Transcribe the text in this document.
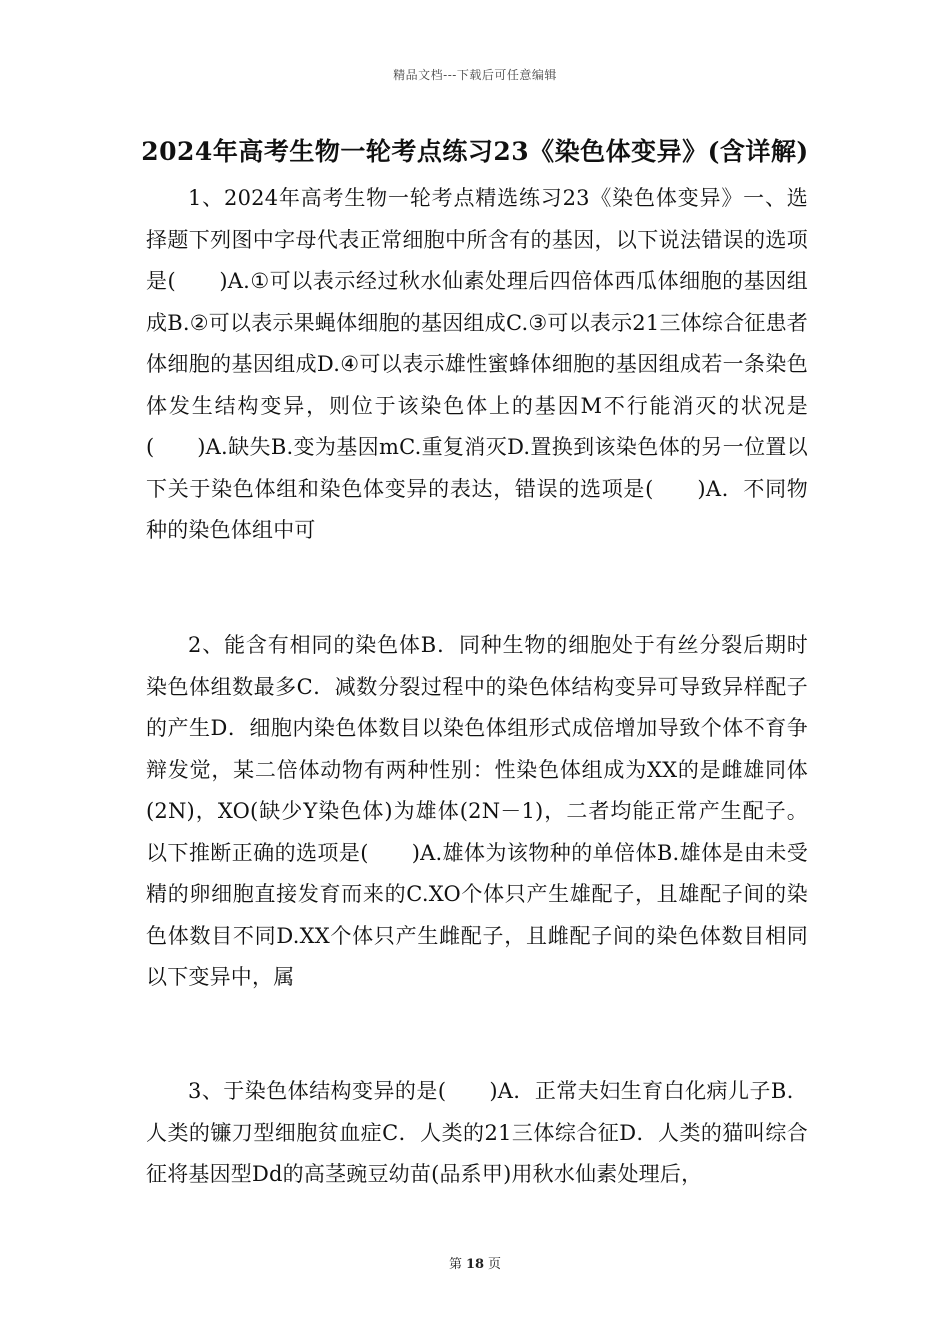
精品文档---下载后可任意编辑
2024年高考生物一轮考点练习23《染色体变异》(含详解)
1、2024年高考生物一轮考点精选练习23《染色体变异》一、选择题下列图中字母代表正常细胞中所含有的基因，以下说法错误的选项是(　　)A.①可以表示经过秋水仙素处理后四倍体西瓜体细胞的基因组成B.②可以表示果蝇体细胞的基因组成C.③可以表示21三体综合征患者体细胞的基因组成D.④可以表示雄性蜜蜂体细胞的基因组成若一条染色体发生结构变异，则位于该染色体上的基因M不行能消灭的状况是(　　)A.缺失B.变为基因mC.重复消灭D.置换到该染色体的另一位置以下关于染色体组和染色体变异的表达，错误的选项是(　　)A．不同物种的染色体组中可
2、能含有相同的染色体B．同种生物的细胞处于有丝分裂后期时染色体组数最多C．减数分裂过程中的染色体结构变异可导致异样配子的产生D．细胞内染色体数目以染色体组形式成倍增加导致个体不育争辩发觉，某二倍体动物有两种性别：性染色体组成为XX的是雌雄同体(2N)，XO(缺少Y染色体)为雄体(2N－1)，二者均能正常产生配子。以下推断正确的选项是(　　)A.雄体为该物种的单倍体B.雄体是由未受精的卵细胞直接发育而来的C.XO个体只产生雄配子，且雄配子间的染色体数目不同D.XX个体只产生雌配子，且雌配子间的染色体数目相同以下变异中，属
3、于染色体结构变异的是(　　)A．正常夫妇生育白化病儿子B．人类的镰刀型细胞贫血症C．人类的21三体综合征D．人类的猫叫综合征将基因型Dd的高茎豌豆幼苗(品系甲)用秋水仙素处理后，
第 18 页
